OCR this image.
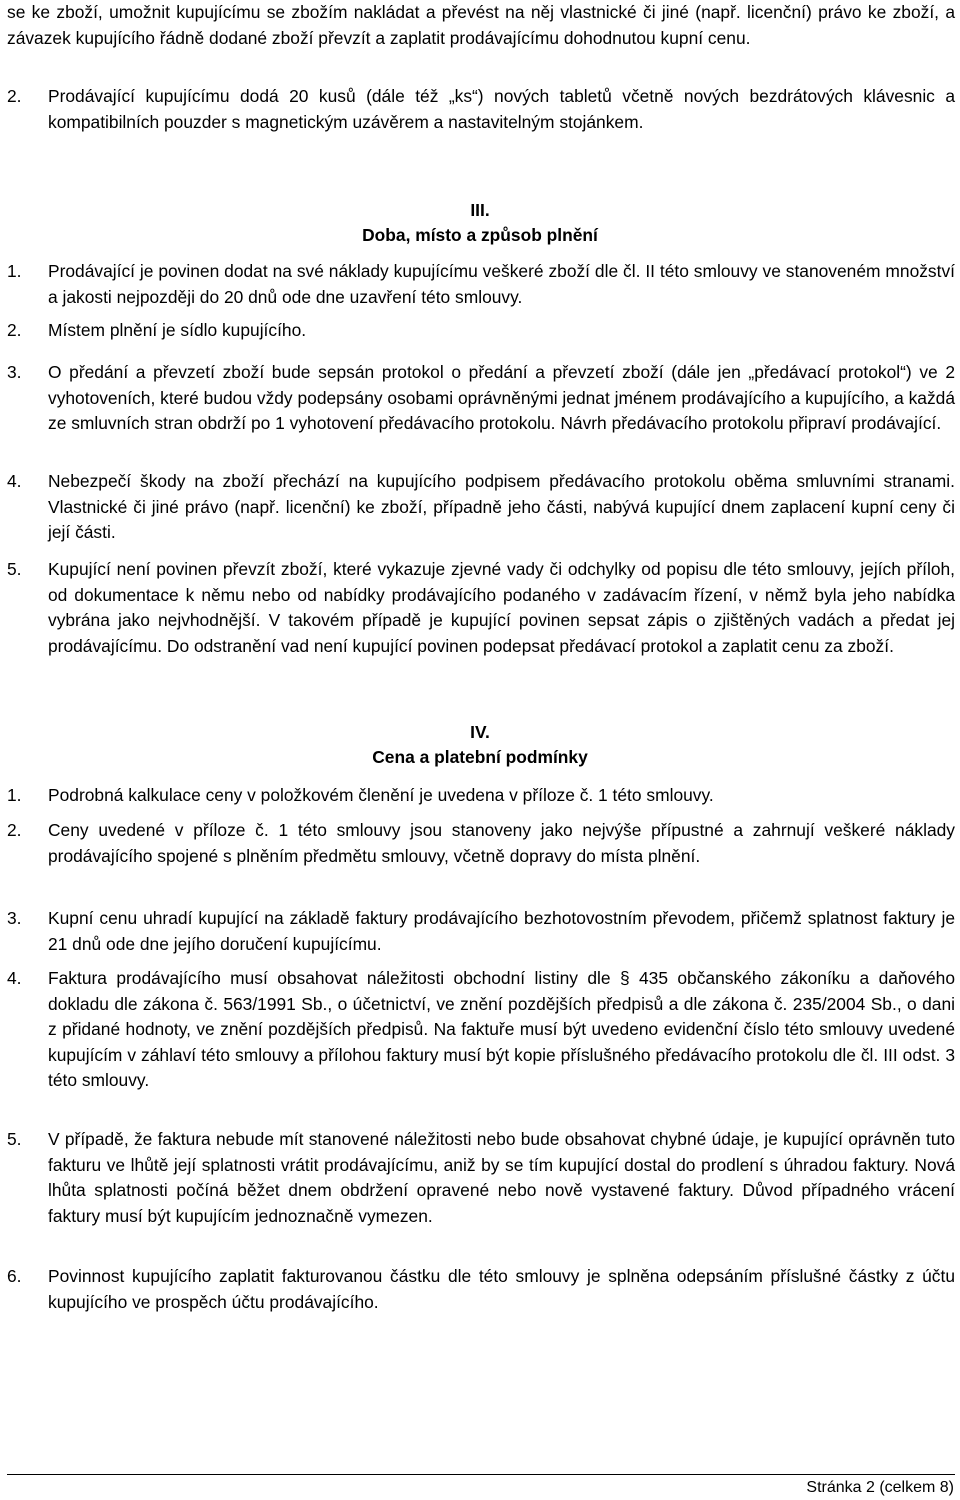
se ke zboží, umožnit kupujícímu se zbožím nakládat a převést na něj vlastnické či jiné (např. licenční) právo ke zboží, a závazek kupujícího řádně dodané zboží převzít a zaplatit prodávajícímu dohodnutou kupní cenu.
2.	Prodávající kupujícímu dodá 20 kusů (dále též „ks“) nových tabletů včetně nových bezdrátových klávesnic a kompatibilních pouzder s magnetickým uzávěrem a nastavitelným stojánkem.
III.
Doba, místo a způsob plnění
1.	Prodávající je povinen dodat na své náklady kupujícímu veškeré zboží dle čl. II této smlouvy ve stanoveném množství a jakosti nejpozději do 20 dnů ode dne uzavření této smlouvy.
2.	Místem plnění je sídlo kupujícího.
3.	O předání a převzetí zboží bude sepsán protokol o předání a převzetí zboží (dále jen „předávací protokol“) ve 2 vyhotoveních, které budou vždy podepsány osobami oprávněnými jednat jménem prodávajícího a kupujícího, a každá ze smluvních stran obdrží po 1 vyhotovení předávacího protokolu. Návrh předávacího protokolu připraví prodávající.
4.	Nebezpečí škody na zboží přechází na kupujícího podpisem předávacího protokolu oběma smluvními stranami. Vlastnické či jiné právo (např. licenční) ke zboží, případně jeho části, nabývá kupující dnem zaplacení kupní ceny či její části.
5.	Kupující není povinen převzít zboží, které vykazuje zjevné vady či odchylky od popisu dle této smlouvy, jejích příloh, od dokumentace k němu nebo od nabídky prodávajícího podaného v zadávacím řízení, v němž byla jeho nabídka vybrána jako nejvhodnější. V takovém případě je kupující povinen sepsat zápis o zjištěných vadách a předat jej prodávajícímu. Do odstranění vad není kupující povinen podepsat předávací protokol a zaplatit cenu za zboží.
IV.
Cena a platební podmínky
1.	Podrobná kalkulace ceny v položkovém členění je uvedena v příloze č. 1 této smlouvy.
2.	Ceny uvedené v příloze č. 1 této smlouvy jsou stanoveny jako nejvýše přípustné a zahrnují veškeré náklady prodávajícího spojené s plněním předmětu smlouvy, včetně dopravy do místa plnění.
3.	Kupní cenu uhradí kupující na základě faktury prodávajícího bezhotovostním převodem, přičemž splatnost faktury je 21 dnů ode dne jejího doručení kupujícímu.
4.	Faktura prodávajícího musí obsahovat náležitosti obchodní listiny dle § 435 občanského zákoníku a daňového dokladu dle zákona č. 563/1991 Sb., o účetnictví, ve znění pozdějších předpisů a dle zákona č. 235/2004 Sb., o dani z přidané hodnoty, ve znění pozdějších předpisů. Na faktuře musí být uvedeno evidenční číslo této smlouvy uvedené kupujícím v záhlaví této smlouvy a přílohou faktury musí být kopie příslušného předávacího protokolu dle čl. III odst. 3 této smlouvy.
5.	V případě, že faktura nebude mít stanovené náležitosti nebo bude obsahovat chybné údaje, je kupující oprávněn tuto fakturu ve lhůtě její splatnosti vrátit prodávajícímu, aniž by se tím kupující dostal do prodlení s úhradou faktury. Nová lhůta splatnosti počíná běžet dnem obdržení opravené nebo nově vystavené faktury. Důvod případného vrácení faktury musí být kupujícím jednoznačně vymezen.
6.	Povinnost kupujícího zaplatit fakturovanou částku dle této smlouvy je splněna odepsáním příslušné částky z účtu kupujícího ve prospěch účtu prodávajícího.
Stránka 2 (celkem 8)
